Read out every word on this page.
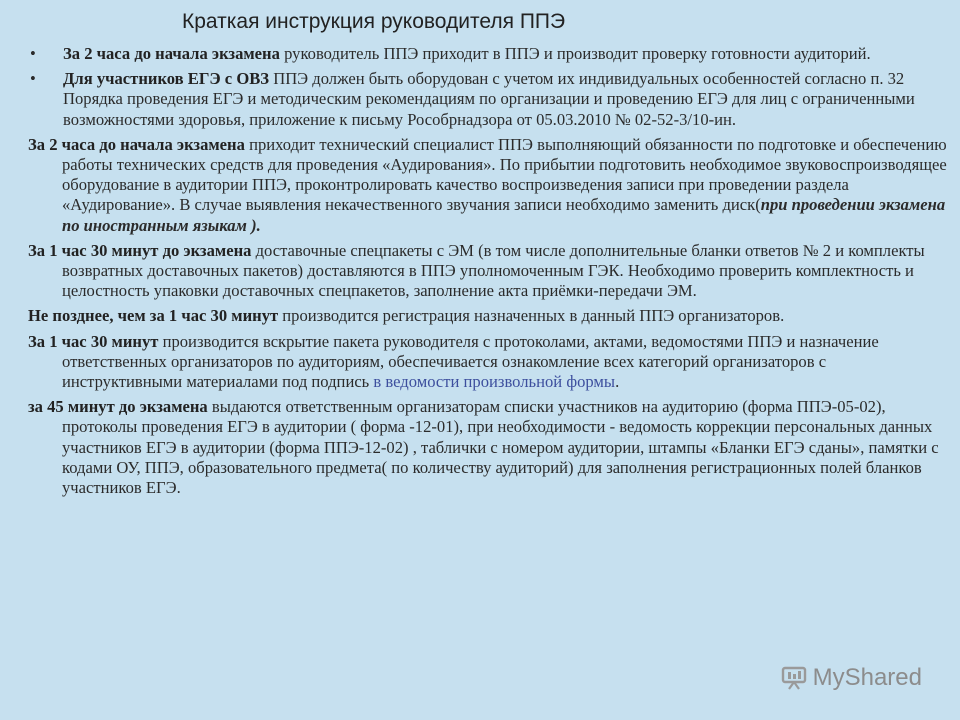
Краткая инструкция руководителя ППЭ

• За 2 часа до начала экзамена руководитель ППЭ приходит в ППЭ и производит проверку готовности аудиторий.

• Для участников ЕГЭ с ОВЗ ППЭ должен быть оборудован с учетом их индивидуальных особенностей согласно п. 32 Порядка проведения ЕГЭ и методическим рекомендациям по организации и проведению ЕГЭ для лиц с ограниченными возможностями здоровья, приложение к письму Рособрнадзора от 05.03.2010 № 02-52-3/10-ин.

За 2 часа до начала экзамена приходит технический специалист ППЭ выполняющий обязанности по подготовке и обеспечению работы технических средств для проведения «Аудирования». По прибытии подготовить необходимое звуковоспроизводящее оборудование в аудитории ППЭ, проконтролировать качество воспроизведения записи при проведении раздела «Аудирование». В случае выявления некачественного звучания записи необходимо заменить диск(при проведении экзамена по иностранным языкам ).

За 1 час 30 минут до экзамена доставочные спецпакеты с ЭМ (в том числе дополнительные бланки ответов № 2 и комплекты возвратных доставочных пакетов) доставляются в ППЭ уполномоченным ГЭК. Необходимо проверить комплектность и целостность упаковки доставочных спецпакетов, заполнение акта приёмки-передачи ЭМ.

Не позднее, чем за 1 час 30 минут производится регистрация назначенных в данный ППЭ организаторов.

За 1 час 30 минут производится вскрытие пакета руководителя с протоколами, актами, ведомостями ППЭ и назначение ответственных организаторов по аудиториям, обеспечивается ознакомление всех категорий организаторов с инструктивными материалами под подпись в ведомости произвольной формы.

за 45 минут до экзамена выдаются ответственным организаторам списки участников на аудиторию (форма ППЭ-05-02), протоколы проведения ЕГЭ в аудитории ( форма -12-01), при необходимости - ведомость коррекции персональных данных участников ЕГЭ в аудитории (форма ППЭ-12-02) , таблички с номером аудитории, штампы «Бланки ЕГЭ сданы», памятки с кодами ОУ, ППЭ, образовательного предмета( по количеству аудиторий) для заполнения регистрационных полей бланков участников ЕГЭ.

MyShared
